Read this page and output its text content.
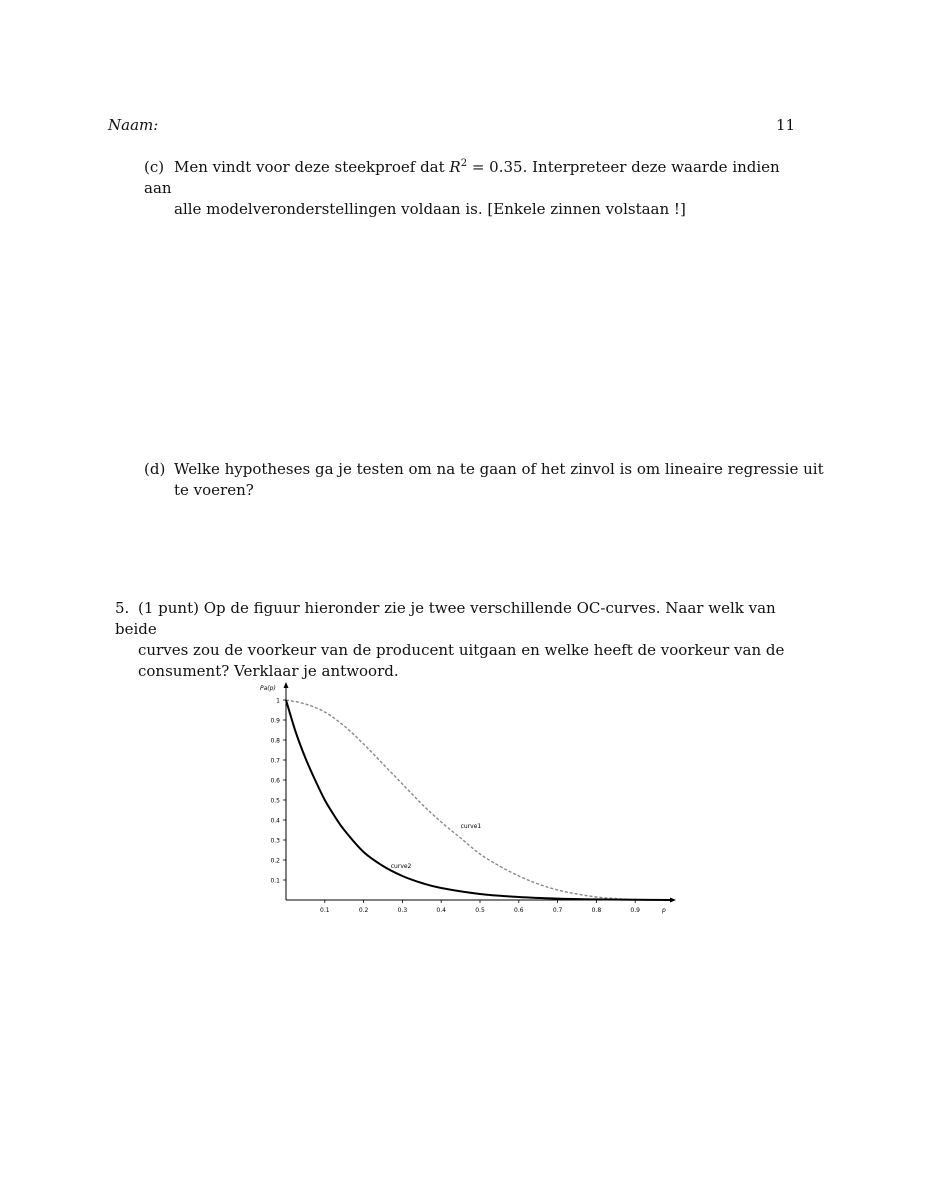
Naam:	11
(c) Men vindt voor deze steekproef dat $R^2 = 0.35$. Interpreteer deze waarde indien aan
alle modelveronderstellingen voldaan is. [Enkele zinnen volstaan !]
(d) Welke hypotheses ga je testen om na te gaan of het zinvol is om lineaire regressie uit
te voeren?
5. (1 punt) Op de figuur hieronder zie je twee verschillende OC-curves. Naar welk van beide
curves zou de voorkeur van de producent uitgaan en welke heeft de voorkeur van de
consument? Verklaar je antwoord.
0.1
0.2
0.3
0.4
0.5
0.6
0.7
0.8
0.9
1
0.1	0.2	0.3	0.4	0.5	0.6	0.7	0.8	0.9	p
Pa(p)
curve1
curve2
